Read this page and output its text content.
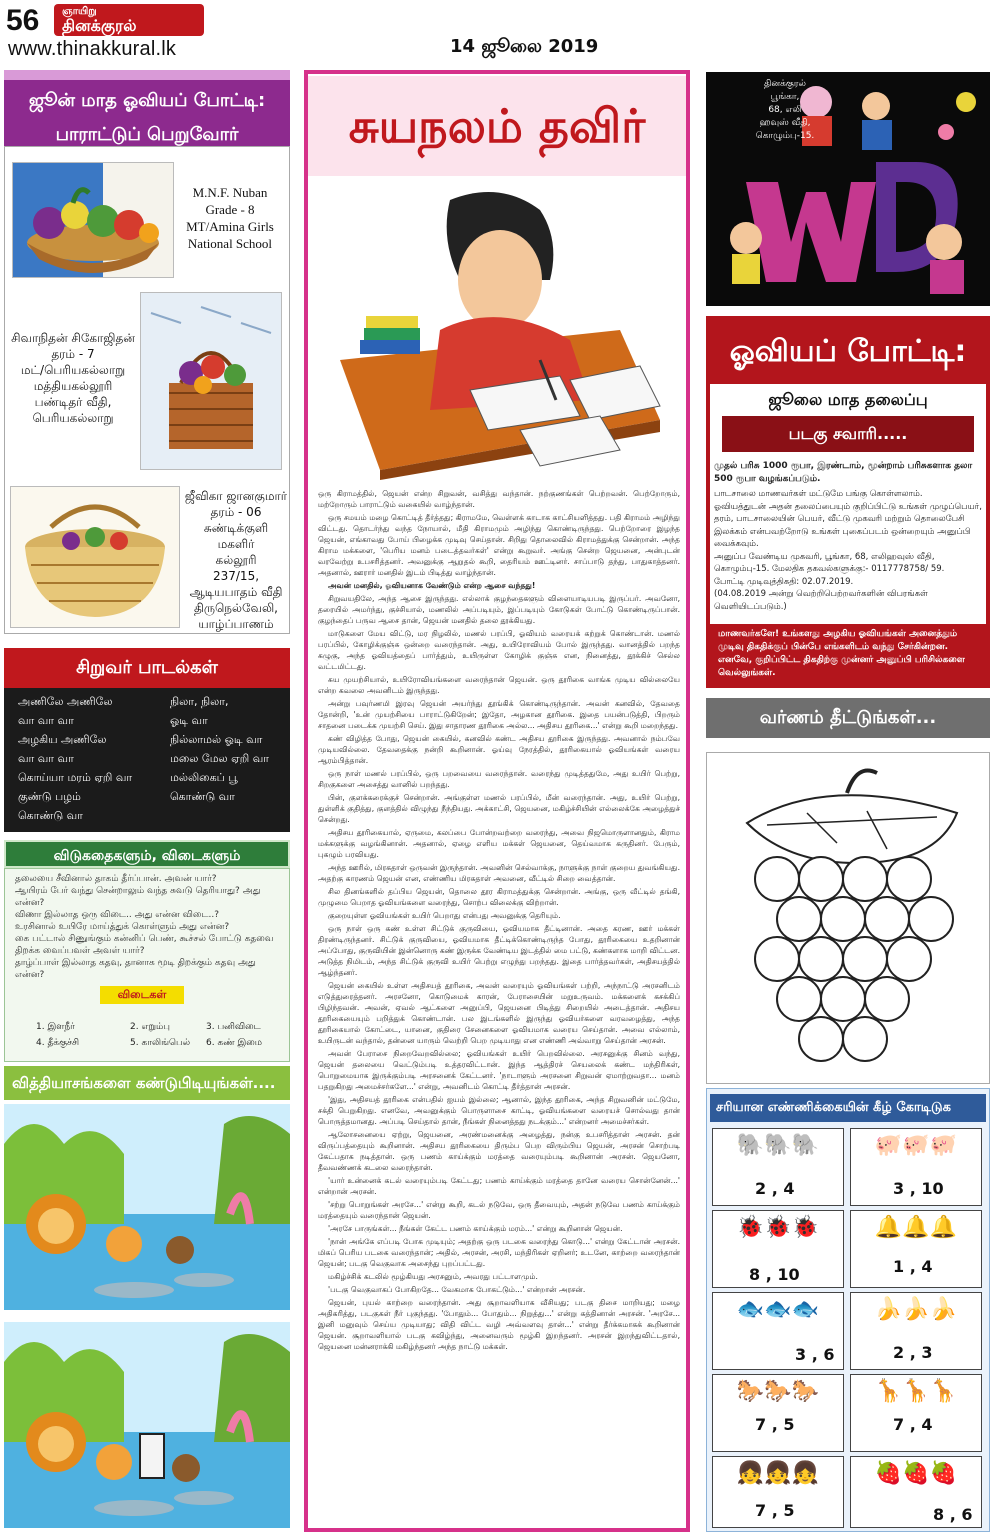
56	ஞாயிறு
தினக்குரல்
www.thinakkural.lk	14 ஜூலை 2019
ஜூன் மாத ஓவியப் போட்டி:
பாராட்டுப் பெறுவோர்
M.N.F. Nuban
Grade - 8
MT/Amina Girls
National School
சிவாநிதன் சிகோஜிதன்
தரம் - 7
மட்/பெரியகல்லாறு
மத்தியகல்லூரி
பண்டிதர் வீதி,
பெரியகல்லாறு
ஜீவிகா ஜானகுமார்
தரம் - 06
சுண்டிக்குளி மகளிர்
கல்லூரி
237/15, ஆடியபாதம் வீதி
திருநெல்வேலி,
யாழ்ப்பாணம்
சிறுவர் பாடல்கள்
அணிலே அணிலே
வா வா வா
அழகிய அணிலே
வா வா வா
கொய்யா மரம் ஏறி வா
குண்டு பழம்
கொண்டு வா
நிலா, நிலா,
ஓடி வா
நில்லாமல் ஓடி வா
மலை மேல ஏறி வா
மல்லிகைப் பூ
கொண்டு வா
விடுகதைகளும், விடைகளும்
தலையை சீவினால் தாகம் தீர்ப்பான். அவன் யார்?
ஆயிரம் பேர் வந்து சென்றாலும் வந்த சுவடு தெரியாது? அது என்ன?
விணா இல்லாத ஒரு விடை.. அது என்ன விடை..?
உரசினால் உயிரே மாய்த்துக் கொள்ளும் அது என்ன?
கை பட்டால் சிணுங்கும் கன்னிப் பெண், கூச்சல் போட்டு கதவை திறக்க வைப்பவள் அவள் யார்?
தாழ்ப்பாள் இல்லாத கதவு, தானாக மூடி திறக்கும் கதவு அது என்ன?
விடைகள்
1. இளநீர்	2. எறும்பு	3. பனிவிடை
4. தீக்குச்சி	5. காலிங்பெல் 6. கண் இமை
வித்தியாசங்களை கண்டுபிடியுங்கள்....
சுயநலம் தவிர்

ஒரு கிராமத்தில், ஜெயன் என்ற சிறுவன், வசித்து வந்தான். நற்குணங்கள் பெற்றவன். பெற்றோரும், மற்றோரும் பாராட்டும் வகையில் வாழ்ந்தான்.

ஒரு சமயம் மழை கொட்டித் தீர்த்தது; கிராமமே, வெள்ளக் காடாக காட்சியளித்தது. பதி கிராமம் அழிந்து விட்டது. தொடர்ந்து வந்த நோயால், மீதி கிராமமும் அழிந்து கொண்டிருந்தது. பெற்றோரை இழந்த ஜெயன், எங்காவது போய் பிழைக்க முடிவு செய்தான். சிறிது தொலைவில் கிராமத்துக்கு சென்றான். அந்த கிராம மக்களை, 'பெரிய மனம் படைத்தவர்கள்' என்று கூறுவர். அங்கு சென்ற ஜெயனை, அன்புடன் வரவேற்று உபசரித்தனர். அவனுக்கு ஆறுதல் கூறி, தைரியம் ஊட்டினர். சாப்பாடு தந்து, பாதுகாத்தனர். அதனால், ஊரார் மனதில் இடம் பிடித்து வாழ்ந்தான்.

அவன் மனதில், ஓவியனாக வேண்டும் என்ற ஆசை வந்தது!

சிறுவயதிலே, அந்த ஆசை இருந்தது. எல்லாக் குழந்தைகளும் விளையாடியபடி இருப்பர். அவனோ, தரையில் அமர்ந்து, குச்சியால், மணலில் அப்படியும், இப்படியும் கோடுகள் போட்டு கொண்டிருப்பான். குழந்தைப் பருவ ஆசை தான், ஜெயன் மனதில் தலை தூக்கியது.

மாடுகளை மேய விட்டு, மர நிழலில், மணல் பரப்பி, ஓவியம் வரையக் கற்றுக் கொண்டான். மணல் பரப்பில், கோழிக்குஞ்சு ஒன்றை வரைந்தான். அது, உயிரோவியம் போல் இருந்தது. வானத்தில் பறந்த கழுகு, அந்த ஓவியத்தைப் பார்த்தும், உயிருள்ள கோழிக் குஞ்சு என, நினைத்து, தூக்கிச் செல்ல வட்டமிட்டது.

சுய முயற்சியால், உயிரோவியங்களை வரைந்தான் ஜெயன். ஒரு தூரிகை வாங்க முடிய வில்லையே என்ற கவலை அவனிடம் இருந்தது.

அன்று பவுர்ணமி இரவு ஜெயன் அயர்ந்து தூங்கிக் கொண்டிருந்தான். அவன் கனவில், தேவதை தோன்றி, 'உன் முயற்சியை பாராட்டுகிறேன்; இதோ, அழகான தூரிகை. இதை பயன்படுத்தி, பிறரும் சாதனை படைக்க முயற்சி செய். இது சாதாரண தூரிகை அல்ல... அதிசய தூரிகை...' என்று கூறி மறைந்தது.

கண் விழித்த போது, ஜெயன் கையில், கனவில் கண்ட அதிசய தூரிகை இருந்தது. அவனால் நம்பவே முடியவில்லை. தேவதைக்கு நன்றி கூறினான். ஓய்வு நேரத்தில், தூரிகையால் ஓவியங்கள் வரைய ஆரம்பித்தான்.

ஒரு நாள் மணல் பரப்பில், ஒரு பறவையை வரைந்தான். வரைந்து முடித்ததுமே, அது உயிர் பெற்று, சிறகுகளை அசைத்து வானில் பறந்தது.

பின், குளக்கரைக்குச் சென்றான். அங்குள்ள மணல் பரப்பில், மீன் வரைந்தான். அது, உயிர் பெற்று, துள்ளிக் குதித்து, குளத்தில் விழுந்து நீந்தியது. அக்காட்சி, ஜெயனை, மகிழ்ச்சியின் எல்லைக்கே அழைத்துச் சென்றது.

அதிசய தூரிகையால், ஏருமை, கலப்பை போன்றவற்றை வரைந்து, அவை நிஜமொருளானதும், கிராம மக்களுக்கு வழங்கினான். அதனால், ஏழை எளிய மக்கள் ஜெயனை, தெய்வமாக கருதினர். பேரும், புகழும் பரவியது.

அந்த ஊரில், மிரகதாள் ஒருவன் இருந்தான். அவனின் செல்வாக்கு, நாளுக்கு நாள் குறைய துவங்கியது. அதற்கு காரணம் ஜெயன் என, எண்ணிய மிரகதாள் அவனை, வீட்டில் சிறை வைத்தான்.

சில தினங்களில் தப்பிய ஜெயன், தொலை தூர கிராமத்துக்கு சென்றான். அங்கு, ஒரு வீட்டில் தங்கி, முழுமை பெறாத ஓவியங்களை வரைந்து, சொற்ப விலைக்கு விற்றான்.

குறையுள்ள ஓவியங்கள் உயிர் பெறாது என்பது அவனுக்கு தெரியும்.

ஒரு நாள் ஒரு கண் உள்ள சிட்டுக் குருவியை, ஓவியமாக தீட்டினான். அதை கரண, ஊர் மக்கள் திரண்டிருந்தனர். சிட்டுக் குருவியை, ஓவியமாக தீட்டிக்கொண்டிருந்த போது, தூரிகையை உதறினான் அப்போது, குருவியின் இன்னொரு கண் இருக்க வேண்டிய இடத்தில் மை பட்டு, கண்களாக மாறி விட்டன. அடுத்த நிமிடம், அந்த சிட்டுக் குருவி உயிர் பெற்று எழுந்து பறந்தது. இதை பார்த்தவர்கள், அதிசயத்தில் ஆழ்ந்தனர்.

ஜெயன் கையில் உள்ள அதிசயத் தூரிகை, அவன் வரையும் ஓவியங்கள் பற்றி, அந்நாட்டு அரசனிடம் எடுத்துரைத்தனர். அரசனோ, கொடுமைக் காரன், பேராசையின் மறுஉருவம். மக்களைக் கசக்கிப் பிழிந்தவன். அவன், ஏவல் ஆட்களை அனுப்பி, ஜெயனை பிடித்து சிறையில் அடைத்தான். அதிசய தூரிகையையும் பறித்துக் கொண்டான். பல இடங்களில் இருந்து ஓவியர்களை வரவழைத்து, அந்த தூரிகையால் கோட்டை, யானை, குதிரை சேனைகளை ஓவியமாக வரைய செய்தான். அவை எல்லாம், உயிருடன் வந்தால், தன்னை யாரும் வெற்றி பெற முடியாது என எண்ணி அவ்வாறு செய்தான் அரசன்.

அவன் பேராசை நிறைவேறவில்லை; ஓவியங்கள் உயிர் பெறவில்லை. அரசனுக்கு சினம் வந்து, ஜெயன் தலையை வெட்டும்படி உத்தரவிட்டான். இந்த ஆத்திரச் செயலைக் கண்ட மந்திரிகள், பொறுமையாக இருக்கும்படி அரசனைக் கேட்டனர். 'நாடாளும் அரசனை சிறுவன் ஏமாற்றுவதா... மனம் பதறுகிறது அமைச்சர்களே...' என்று, அவனிடம் கொட்டி தீர்த்தான் அரசன்.

'இது, அதிசயத் தூரிகை என்பதில் ஐயம் இல்லை; ஆனால், இந்த தூரிகை, அந்த சிறுவனின் மட்டுமே, சக்தி பெறுகிறது. எனவே, அவனுக்கும் பொருளாசை காட்டி, ஓவியங்களை வரையச் சொல்வது தான் பொருத்தமானது. அப்படி செய்தால் தான், நீங்கள் நினைத்தது நடக்கும்...' என்றனர் அமைச்சர்கள்.

ஆலோசனையை ஏற்று, ஜெயனை, அரண்மனைக்கு அழைத்து, நன்கு உபசரித்தான் அரசன். தன் விருப்பத்தையும் கூறினான். அதிசய தூரிகையை திரும்ப பெற விரும்பிய ஜெயன், அரசன் சொற்படி கேட்பதாக நடித்தான். ஒரு பணம் காய்க்கும் மரத்தை வரையும்படி கூறினான் அரசன். ஜெயனோ, தீவவண்ணக் கடலை வரைந்தான்.

'யார் உன்னைக் கடல் வரையும்படி கேட்டது; பணம் காய்க்கும் மரத்தை தானே வரைய சொன்னேன்...' என்றான் அரசன்.

'சற்று பொறுங்கள் அரசே...' என்று கூறி, கடல் நடுவே, ஒரு தீவையும், அதன் நடுவே பணம் காய்க்கும் மரத்தையும் வரைந்தான் ஜெயன்.

'அரசே பாருங்கள்... நீங்கள் கேட்ட பணம் காய்க்கும் மரம்...' என்று கூறினான் ஜெயன்.

'நான் அங்கே எப்படி போக முடியும்; அதற்கு ஒரு படகை வரைந்து கொடு...' என்று கேட்டான் அரசன். மிகப் பெரிய படகை வரைந்தான்; அதில், அரசன், அரசி, மந்திரிகள் ஏறினர்; உடனே, காற்றை வரைந்தான் ஜெயன்; படகு வெகுவாக அசைந்து புறப்பட்டது.

மகிழ்ச்சிக் கடலில் மூழ்கியது அரசனும், அவரது பட்டாளமும்.

'படகு வெகுவாகப் போகிறதே... வேகமாக போகட்டும்...' என்றான் அரசன்.

ஜெயன், புயல் காற்றை வரைந்தான். அது சூறாவளியாக வீசியது; படகு திசை மாறியது; மழை அதிகரித்து, படகுகள் நீர் புகுந்தது. 'போதும்... போதும்... நிறுத்து...' என்று கத்தினான் அரசன். 'அரசே... இனி மனுவும் செய்ய முடியாது; விதி விட்ட வழி அவ்வளவு தான்...' என்று தீர்க்கமாகக் கூறினான் ஜெயன். சூறாவளியால் படகு கவிழ்ந்து, அனைவரும் மூழ்கி இறந்தனர். அரசன் இறந்துவிட்டதால், ஜெயனை மன்னராக்கி மகிழ்ந்தனர் அந்த நாட்டு மக்கள்.

தினக்குரல்
பூங்கா,
68, எலி
ஹவுஸ் வீதி,
கொழும்பு-15.
ஓவியப் போட்டி:
ஜூலை மாத தலைப்பு
படகு சவாரி.....
முதல் பரிசு 1000 ரூபா, இரண்டாம், மூன்றாம் பரிசுகளாக தலா 500 ரூபா வழங்கப்படும்.
பாடசாலை மாணவர்கள் மட்டுமே பங்கு கொள்ளலாம்.
ஓவியத்துடன் அதன் தலைப்பையும் குறிப்பிட்டு உங்கள் முழுப்பெயர், தரம், பாடசாலையின் பெயர், வீட்டு முகவரி மற்றும் தொலைபேசி இலக்கம் என்பவற்றோடு உங்கள் புகைப்படம் ஒன்றையும் அனுப்பி வைக்கவும்.
அனுப்ப வேண்டிய முகவரி, பூங்கா, 68, எலிஹவுஸ் வீதி, கொழும்பு-15. மேலதிக தகவல்களுக்கு:- 0117778758/ 59.
போட்டி முடிவுத்திகதி: 02.07.2019.
(04.08.2019 அன்று வெற்றிபெற்றவர்களின் விபரங்கள் வெளியிடப்படும்.)
மாணவர்களே! உங்களது அழகிய ஓவியங்கள் அனைத்தும் முடிவு திகதிக்குப் பின்பே எங்களிடம் வந்து சேர்கின்றன. எனவே, குறிப்பிட்ட திகதிற்கு முன்னர் அனுப்பி பரிசில்களை வெல்லுங்கள்.
வர்ணம் தீட்டுங்கள்...
சரியான எண்ணிக்கையின் கீழ் கோடிடுக
🐘🐘🐘
2 , 4
🐖🐖🐖
3 , 10
🐞🐞🐞
8 , 10
🔔🔔🔔
1 , 4
🐟🐟🐟
3 , 6
🍌🍌🍌
2 , 3
🐎🐎🐎
7 , 5
🦒🦒🦒
7 , 4
👧👧👧
7 , 5
🍓🍓🍓
8 , 6
